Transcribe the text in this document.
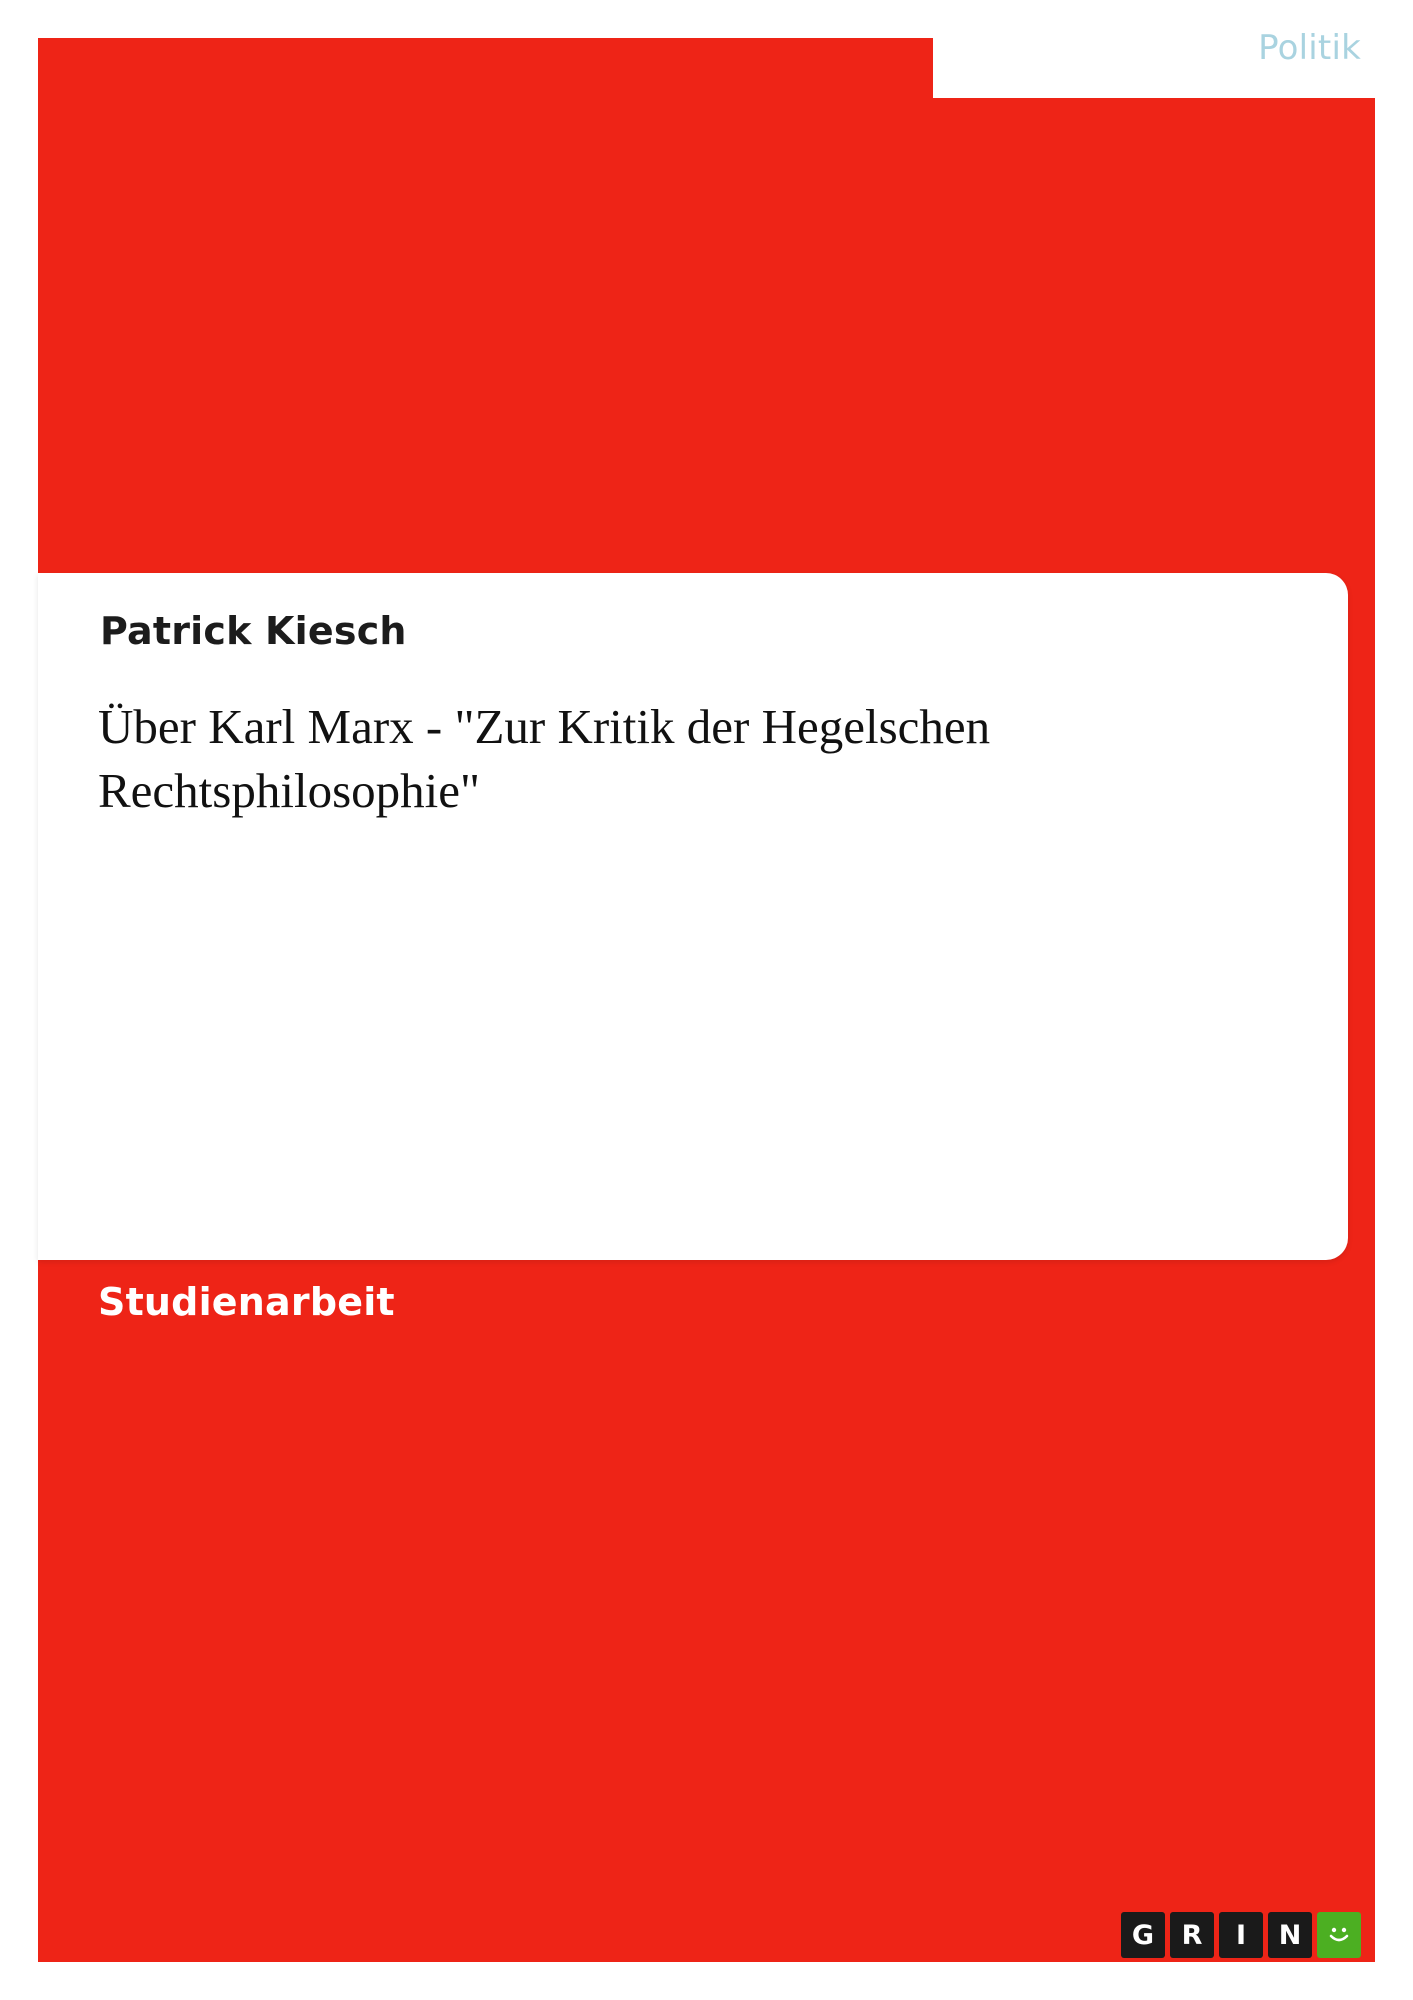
Patrick Kiesch
Über Karl Marx - "Zur Kritik der Hegelschen Rechtsphilosophie"
Studienarbeit
Politik
G	R	I	N
